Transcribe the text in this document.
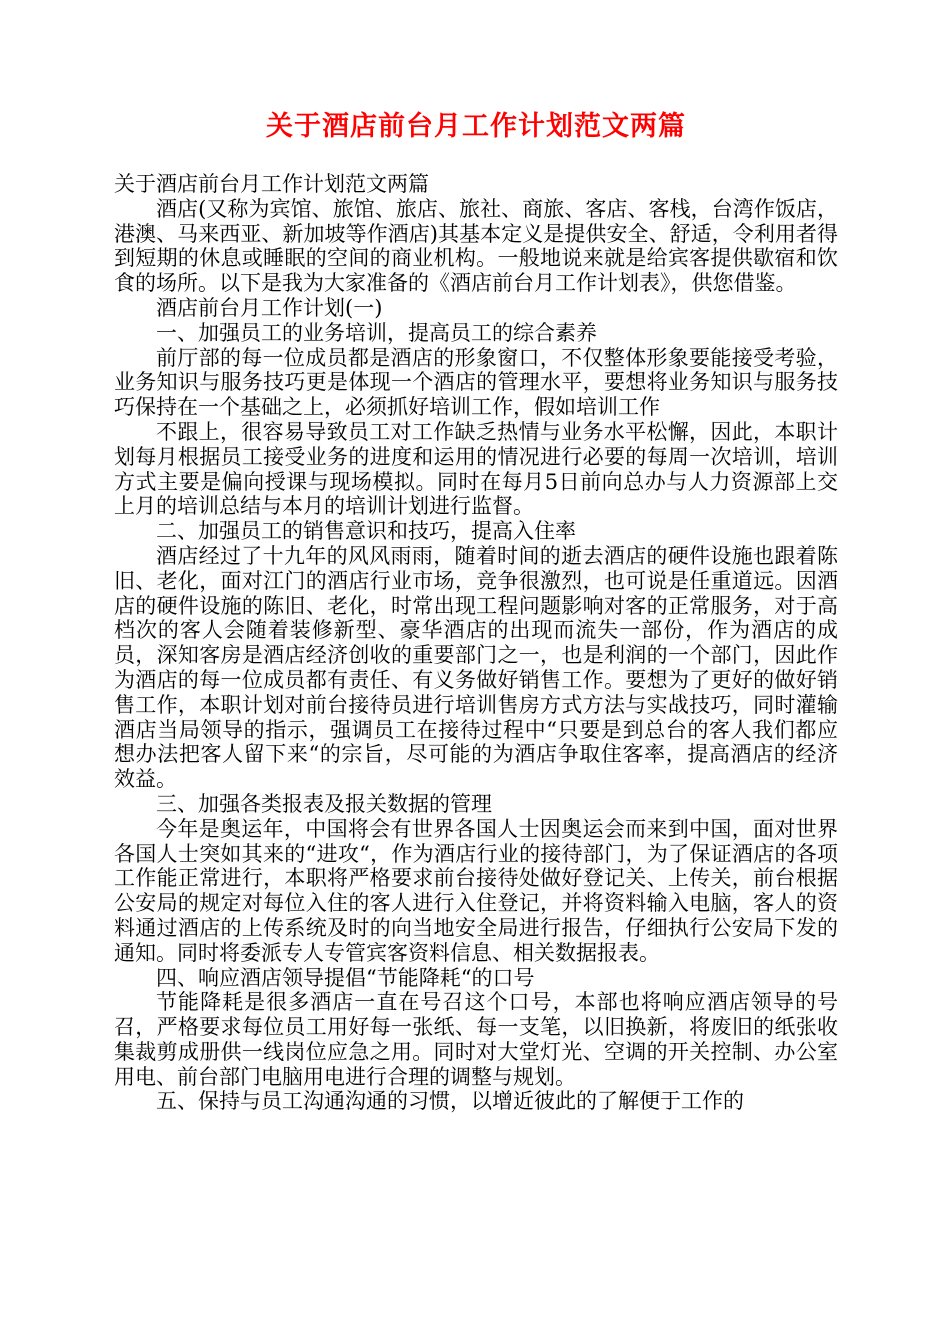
关于酒店前台月工作计划范文两篇

关于酒店前台月工作计划范文两篇

酒店(又称为宾馆、旅馆、旅店、旅社、商旅、客店、客栈，台湾作饭店，港澳、马来西亚、新加坡等作酒店)其基本定义是提供安全、舒适，令利用者得到短期的休息或睡眠的空间的商业机构。一般地说来就是给宾客提供歇宿和饮食的场所。以下是我为大家准备的《酒店前台月工作计划表》，供您借鉴。

酒店前台月工作计划(一)

一、加强员工的业务培训，提高员工的综合素养

前厅部的每一位成员都是酒店的形象窗口，不仅整体形象要能接受考验，业务知识与服务技巧更是体现一个酒店的管理水平，要想将业务知识与服务技巧保持在一个基础之上，必须抓好培训工作，假如培训工作

不跟上，很容易导致员工对工作缺乏热情与业务水平松懈，因此，本职计划每月根据员工接受业务的进度和运用的情况进行必要的每周一次培训，培训方式主要是偏向授课与现场模拟。同时在每月5日前向总办与人力资源部上交上月的培训总结与本月的培训计划进行监督。

二、加强员工的销售意识和技巧，提高入住率

酒店经过了十九年的风风雨雨，随着时间的逝去酒店的硬件设施也跟着陈旧、老化，面对江门的酒店行业市场，竞争很激烈，也可说是任重道远。因酒店的硬件设施的陈旧、老化，时常出现工程问题影响对客的正常服务，对于高档次的客人会随着装修新型、豪华酒店的出现而流失一部份，作为酒店的成员，深知客房是酒店经济创收的重要部门之一，也是利润的一个部门，因此作为酒店的每一位成员都有责任、有义务做好销售工作。要想为了更好的做好销售工作，本职计划对前台接待员进行培训售房方式方法与实战技巧，同时灌输酒店当局领导的指示，强调员工在接待过程中“只要是到总台的客人我们都应想办法把客人留下来“的宗旨，尽可能的为酒店争取住客率，提高酒店的经济效益。

三、加强各类报表及报关数据的管理

今年是奥运年，中国将会有世界各国人士因奥运会而来到中国，面对世界各国人士突如其来的“进攻“，作为酒店行业的接待部门，为了保证酒店的各项工作能正常进行，本职将严格要求前台接待处做好登记关、上传关，前台根据公安局的规定对每位入住的客人进行入住登记，并将资料输入电脑，客人的资料通过酒店的上传系统及时的向当地安全局进行报告，仔细执行公安局下发的通知。同时将委派专人专管宾客资料信息、相关数据报表。

四、响应酒店领导提倡“节能降耗“的口号

节能降耗是很多酒店一直在号召这个口号，本部也将响应酒店领导的号召，严格要求每位员工用好每一张纸、每一支笔，以旧换新，将废旧的纸张收集裁剪成册供一线岗位应急之用。同时对大堂灯光、空调的开关控制、办公室用电、前台部门电脑用电进行合理的调整与规划。

五、保持与员工沟通沟通的习惯，以增近彼此的了解便于工作的
